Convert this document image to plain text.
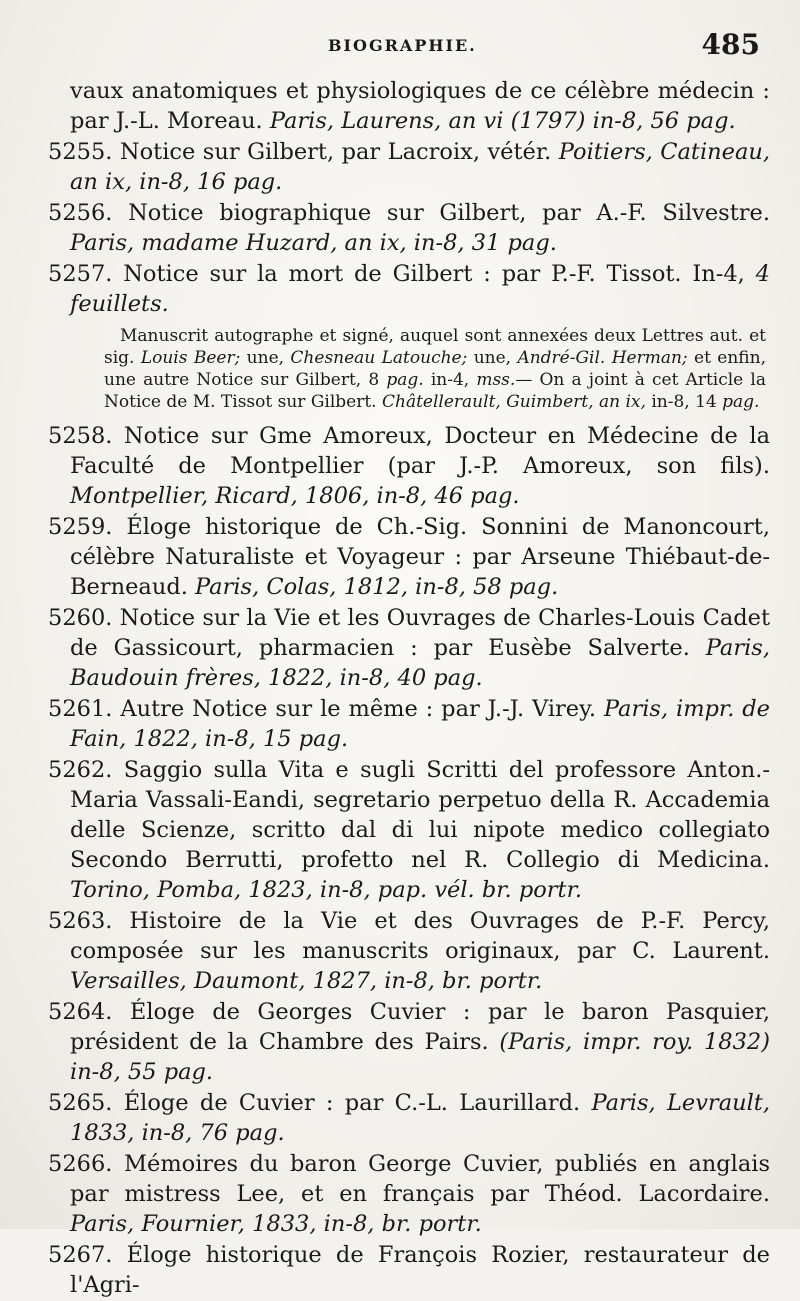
BIOGRAPHIE.	485
vaux anatomiques et physiologiques de ce célèbre médecin : par J.-L. Moreau. Paris, Laurens, an vi (1797) in-8, 56 pag.
5255. Notice sur Gilbert, par Lacroix, vétér. Poitiers, Catineau, an ix, in-8, 16 pag.
5256. Notice biographique sur Gilbert, par A.-F. Silvestre. Paris, madame Huzard, an ix, in-8, 31 pag.
5257. Notice sur la mort de Gilbert : par P.-F. Tissot. In-4, 4 feuillets.
Manuscrit autographe et signé, auquel sont annexées deux Lettres aut. et sig. Louis Beer; une, Chesneau Latouche; une, André-Gil. Herman; et enfin, une autre Notice sur Gilbert, 8 pag. in-4, mss.— On a joint à cet Article la Notice de M. Tissot sur Gilbert. Châtellerault, Guimbert, an ix, in-8, 14 pag.
5258. Notice sur Gme Amoreux, Docteur en Médecine de la Faculté de Montpellier (par J.-P. Amoreux, son fils). Montpellier, Ricard, 1806, in-8, 46 pag.
5259. Éloge historique de Ch.-Sig. Sonnini de Manoncourt, célèbre Naturaliste et Voyageur : par Arseune Thiébaut-de-Berneaud. Paris, Colas, 1812, in-8, 58 pag.
5260. Notice sur la Vie et les Ouvrages de Charles-Louis Cadet de Gassicourt, pharmacien : par Eusèbe Salverte. Paris, Baudouin frères, 1822, in-8, 40 pag.
5261. Autre Notice sur le même : par J.-J. Virey. Paris, impr. de Fain, 1822, in-8, 15 pag.
5262. Saggio sulla Vita e sugli Scritti del professore Anton.-Maria Vassali-Eandi, segretario perpetuo della R. Accademia delle Scienze, scritto dal di lui nipote medico collegiato Secondo Berrutti, profetto nel R. Collegio di Medicina. Torino, Pomba, 1823, in-8, pap. vél. br. portr.
5263. Histoire de la Vie et des Ouvrages de P.-F. Percy, composée sur les manuscrits originaux, par C. Laurent. Versailles, Daumont, 1827, in-8, br. portr.
5264. Éloge de Georges Cuvier : par le baron Pasquier, président de la Chambre des Pairs. (Paris, impr. roy. 1832) in-8, 55 pag.
5265. Éloge de Cuvier : par C.-L. Laurillard. Paris, Levrault, 1833, in-8, 76 pag.
5266. Mémoires du baron George Cuvier, publiés en anglais par mistress Lee, et en français par Théod. Lacordaire. Paris, Fournier, 1833, in-8, br. portr.
5267. Éloge historique de François Rozier, restaurateur de l'Agri-
